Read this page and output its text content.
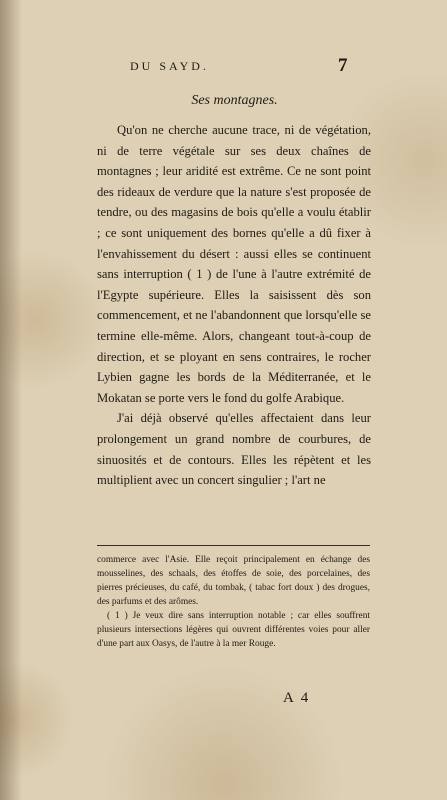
DU SAYD.	7
Ses montagnes.

Qu'on ne cherche aucune trace, ni de végétation, ni de terre végétale sur ses deux chaînes de montagnes ; leur aridité est extrême. Ce ne sont point des rideaux de verdure que la nature s'est proposée de tendre, ou des magasins de bois qu'elle a voulu établir ; ce sont uniquement des bornes qu'elle a dû fixer à l'envahissement du désert : aussi elles se continuent sans interruption ( 1 ) de l'une à l'autre extrémité de l'Egypte supérieure. Elles la saisissent dès son commencement, et ne l'abandonnent que lorsqu'elle se termine elle-même. Alors, changeant tout-à-coup de direction, et se ployant en sens contraires, le rocher Lybien gagne les bords de la Méditerranée, et le Mokatan se porte vers le fond du golfe Arabique.

J'ai déjà observé qu'elles affectaient dans leur prolongement un grand nombre de courbures, de sinuosités et de contours. Elles les répètent et les multiplient avec un concert singulier ; l'art ne

commerce avec l'Asie. Elle reçoit principalement en échange des mousselines, des schaals, des étoffes de soie, des porcelaines, des pierres précieuses, du café, du tombak, ( tabac fort doux ) des drogues, des parfums et des arômes.

( 1 ) Je veux dire sans interruption notable ; car elles souffrent plusieurs intersections légères qui ouvrent différentes voies pour aller d'une part aux Oasys, de l'autre à la mer Rouge.

A 4
